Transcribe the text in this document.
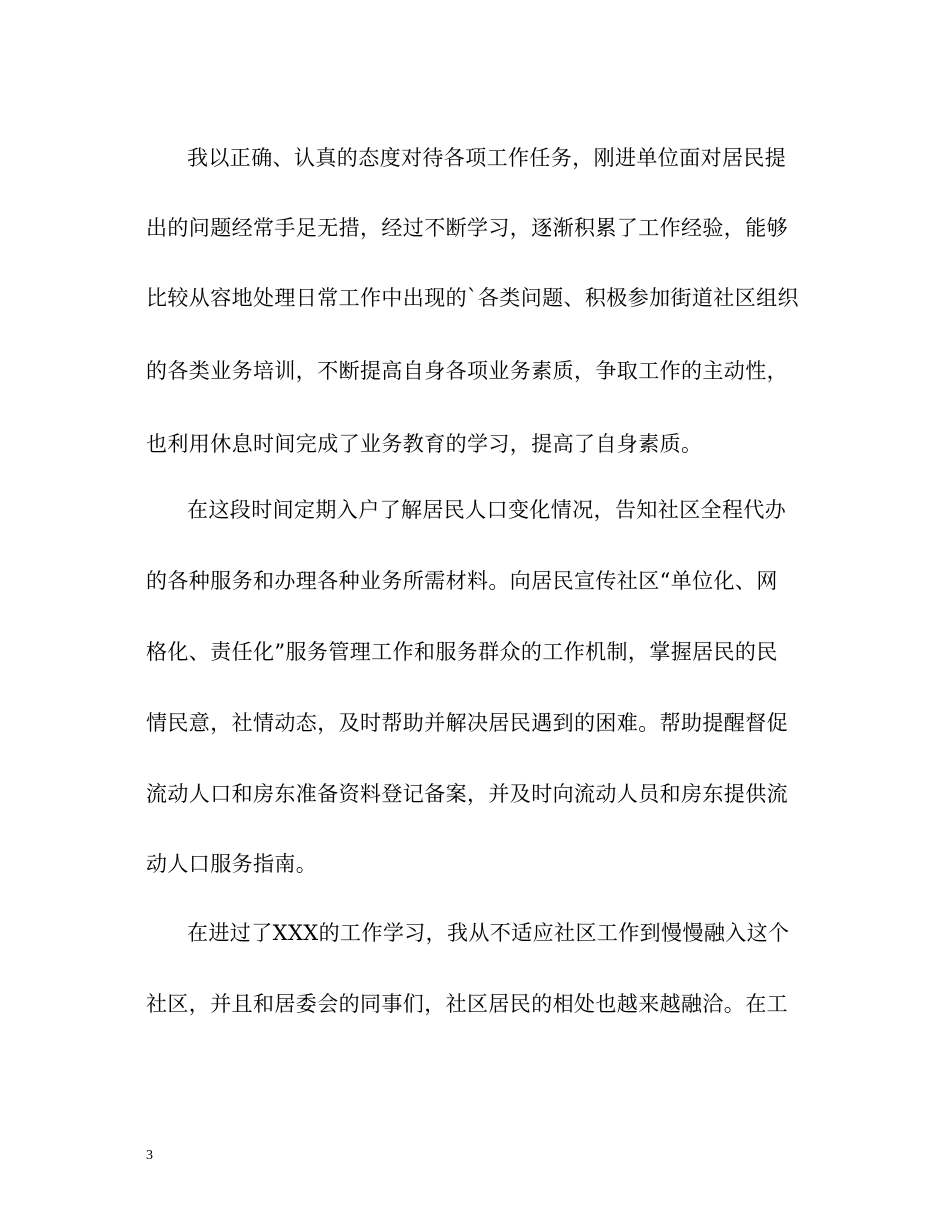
我以正确、认真的态度对待各项工作任务，刚进单位面对居民提
出的问题经常手足无措，经过不断学习，逐渐积累了工作经验，能够
比较从容地处理日常工作中出现的`各类问题、积极参加街道社区组织
的各类业务培训，不断提高自身各项业务素质，争取工作的主动性，
也利用休息时间完成了业务教育的学习，提高了自身素质。
在这段时间定期入户了解居民人口变化情况，告知社区全程代办
的各种服务和办理各种业务所需材料。向居民宣传社区“单位化、网
格化、责任化”服务管理工作和服务群众的工作机制，掌握居民的民
情民意，社情动态，及时帮助并解决居民遇到的困难。帮助提醒督促
流动人口和房东准备资料登记备案，并及时向流动人员和房东提供流
动人口服务指南。
在进过了XXX的工作学习，我从不适应社区工作到慢慢融入这个
社区，并且和居委会的同事们，社区居民的相处也越来越融洽。在工
3
